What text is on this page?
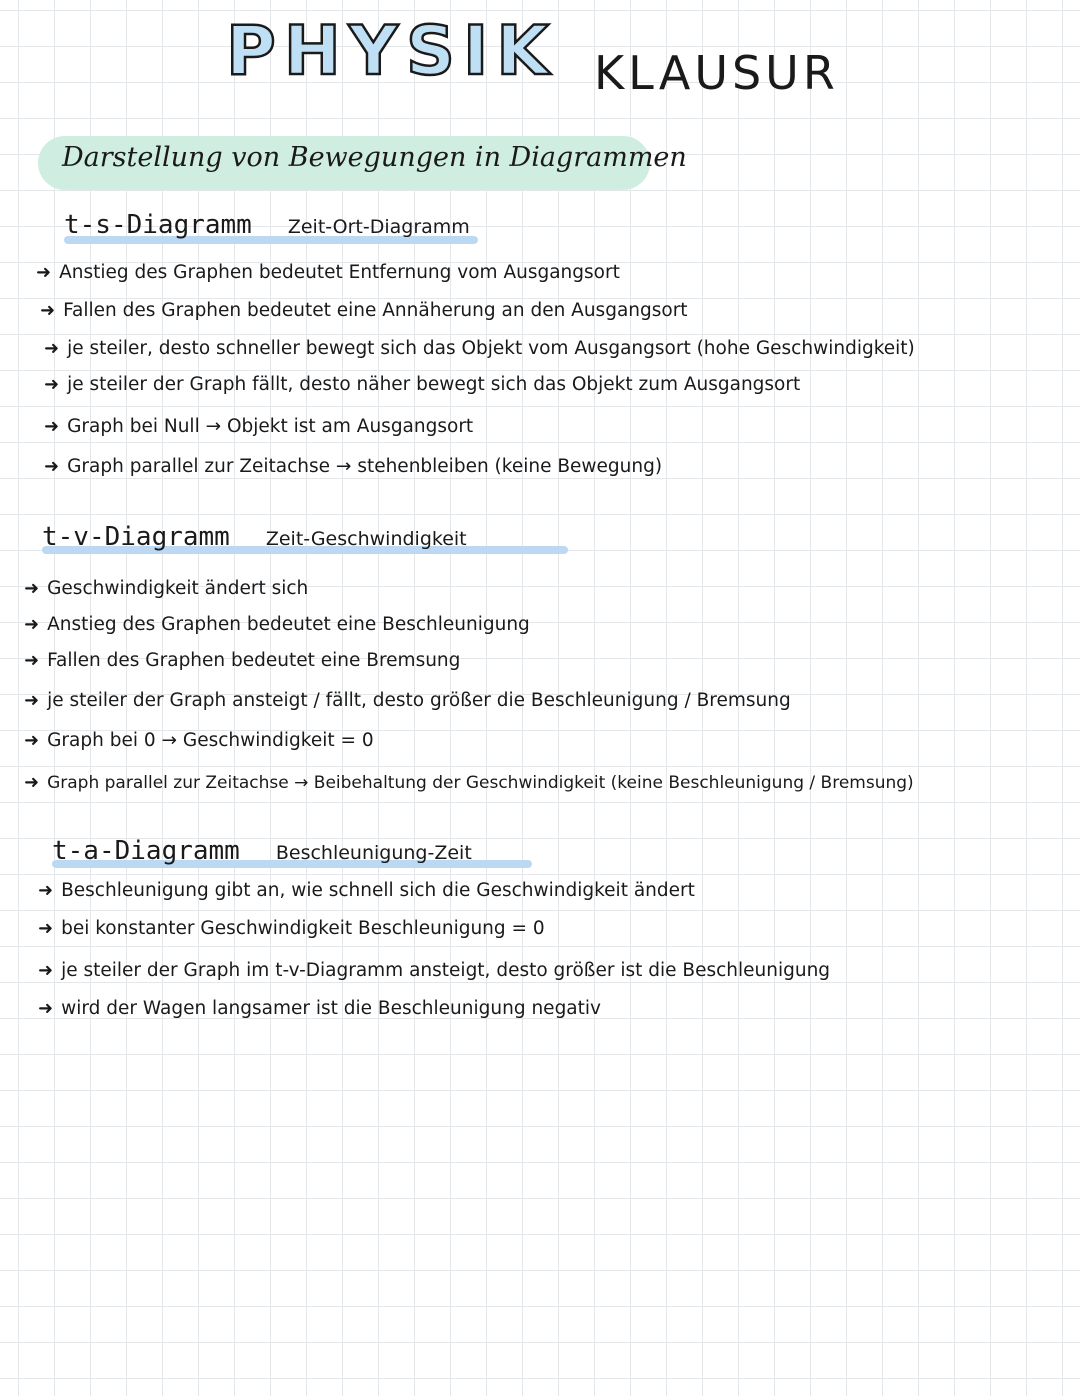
PHYSIK KLAUSUR
Darstellung von Bewegungen in Diagrammen
t-s-Diagramm Zeit-Ort-Diagramm
➜ Anstieg des Graphen bedeutet Entfernung vom Ausgangsort
➜ Fallen des Graphen bedeutet eine Annäherung an den Ausgangsort
➜ je steiler, desto schneller bewegt sich das Objekt vom Ausgangsort (hohe Geschwindigkeit)
➜ je steiler der Graph fällt, desto näher bewegt sich das Objekt zum Ausgangsort
➜ Graph bei Null → Objekt ist am Ausgangsort
➜ Graph parallel zur Zeitachse → stehenbleiben (keine Bewegung)
t-v-Diagramm Zeit-Geschwindigkeit
➜ Geschwindigkeit ändert sich
➜ Anstieg des Graphen bedeutet eine Beschleunigung
➜ Fallen des Graphen bedeutet eine Bremsung
➜ je steiler der Graph ansteigt / fällt, desto größer die Beschleunigung / Bremsung
➜ Graph bei 0 → Geschwindigkeit = 0
➜ Graph parallel zur Zeitachse → Beibehaltung der Geschwindigkeit (keine Beschleunigung / Bremsung)
t-a-Diagramm Beschleunigung-Zeit
➜ Beschleunigung gibt an, wie schnell sich die Geschwindigkeit ändert
➜ bei konstanter Geschwindigkeit Beschleunigung = 0
➜ je steiler der Graph im t-v-Diagramm ansteigt, desto größer ist die Beschleunigung
➜ wird der Wagen langsamer ist die Beschleunigung negativ
